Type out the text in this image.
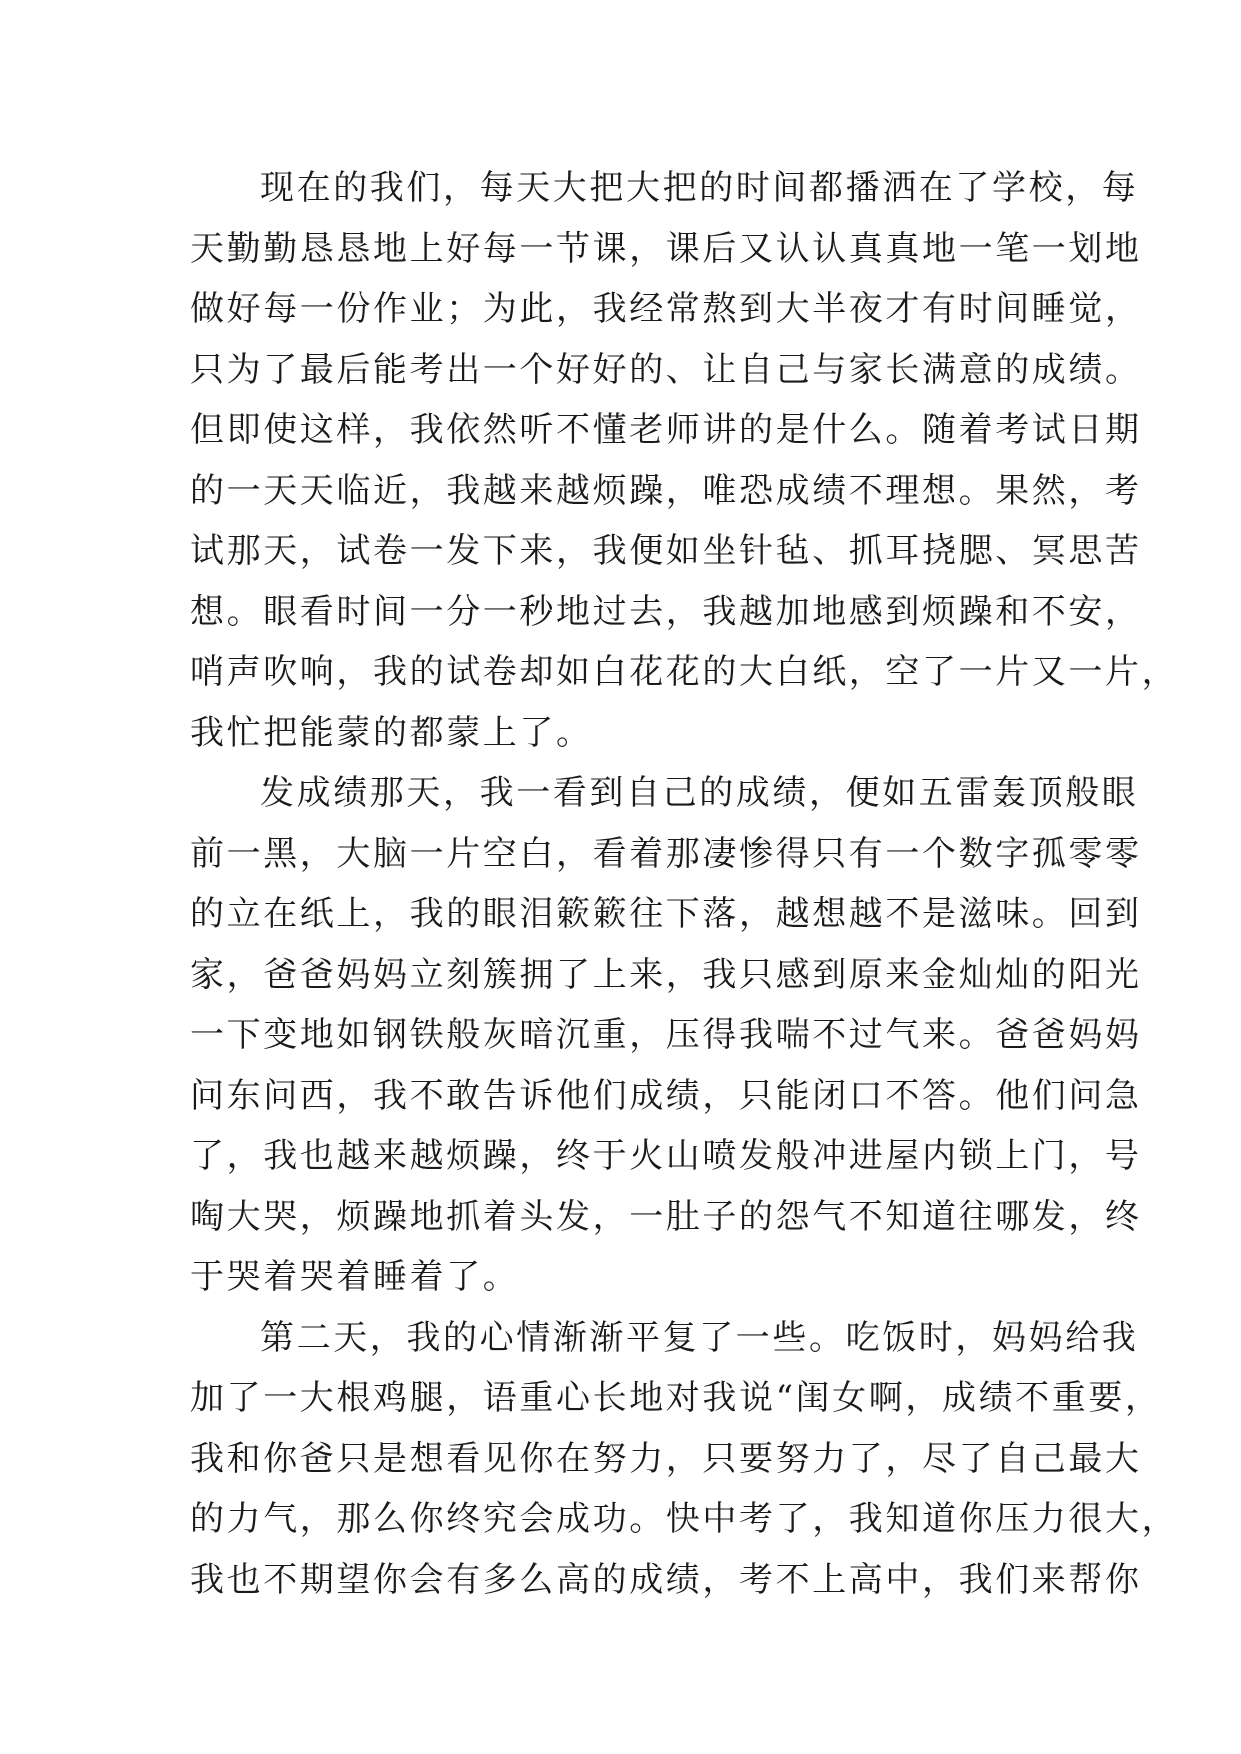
现在的我们，每天大把大把的时间都播洒在了学校，每
天勤勤恳恳地上好每一节课，课后又认认真真地一笔一划地
做好每一份作业；为此，我经常熬到大半夜才有时间睡觉，
只为了最后能考出一个好好的、让自己与家长满意的成绩。
但即使这样，我依然听不懂老师讲的是什么。随着考试日期
的一天天临近，我越来越烦躁，唯恐成绩不理想。果然，考
试那天，试卷一发下来，我便如坐针毡、抓耳挠腮、冥思苦
想。眼看时间一分一秒地过去，我越加地感到烦躁和不安，
哨声吹响，我的试卷却如白花花的大白纸，空了一片又一片，
我忙把能蒙的都蒙上了。
发成绩那天，我一看到自己的成绩，便如五雷轰顶般眼
前一黑，大脑一片空白，看着那凄惨得只有一个数字孤零零
的立在纸上，我的眼泪簌簌往下落，越想越不是滋味。回到
家，爸爸妈妈立刻簇拥了上来，我只感到原来金灿灿的阳光
一下变地如钢铁般灰暗沉重，压得我喘不过气来。爸爸妈妈
问东问西，我不敢告诉他们成绩，只能闭口不答。他们问急
了，我也越来越烦躁，终于火山喷发般冲进屋内锁上门，号
啕大哭，烦躁地抓着头发，一肚子的怨气不知道往哪发，终
于哭着哭着睡着了。
第二天，我的心情渐渐平复了一些。吃饭时，妈妈给我
加了一大根鸡腿，语重心长地对我说“闺女啊，成绩不重要，
我和你爸只是想看见你在努力，只要努力了，尽了自己最大
的力气，那么你终究会成功。快中考了，我知道你压力很大，
我也不期望你会有多么高的成绩，考不上高中，我们来帮你
